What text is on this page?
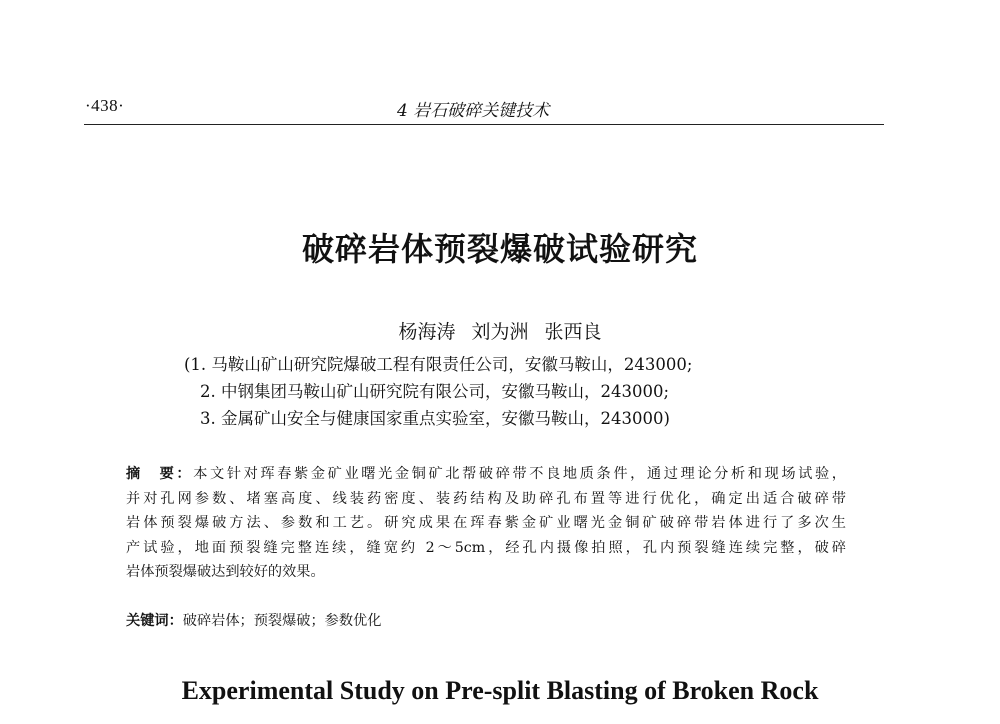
·438·	4 岩石破碎关键技术
破碎岩体预裂爆破试验研究
杨海涛 刘为洲 张西良
(1. 马鞍山矿山研究院爆破工程有限责任公司，安徽马鞍山，243000;
2. 中钢集团马鞍山矿山研究院有限公司，安徽马鞍山，243000;
3. 金属矿山安全与健康国家重点实验室，安徽马鞍山，243000)
摘　要：本文针对珲春紫金矿业曙光金铜矿北帮破碎带不良地质条件，通过理论分析和现场试验，
并对孔网参数、堵塞高度、线装药密度、装药结构及助碎孔布置等进行优化，确定出适合破碎带
岩体预裂爆破方法、参数和工艺。研究成果在珲春紫金矿业曙光金铜矿破碎带岩体进行了多次生
产试验，地面预裂缝完整连续，缝宽约 2～5cm，经孔内摄像拍照，孔内预裂缝连续完整，破碎
岩体预裂爆破达到较好的效果。
关键词：破碎岩体；预裂爆破；参数优化
Experimental Study on Pre-split Blasting of Broken Rock
